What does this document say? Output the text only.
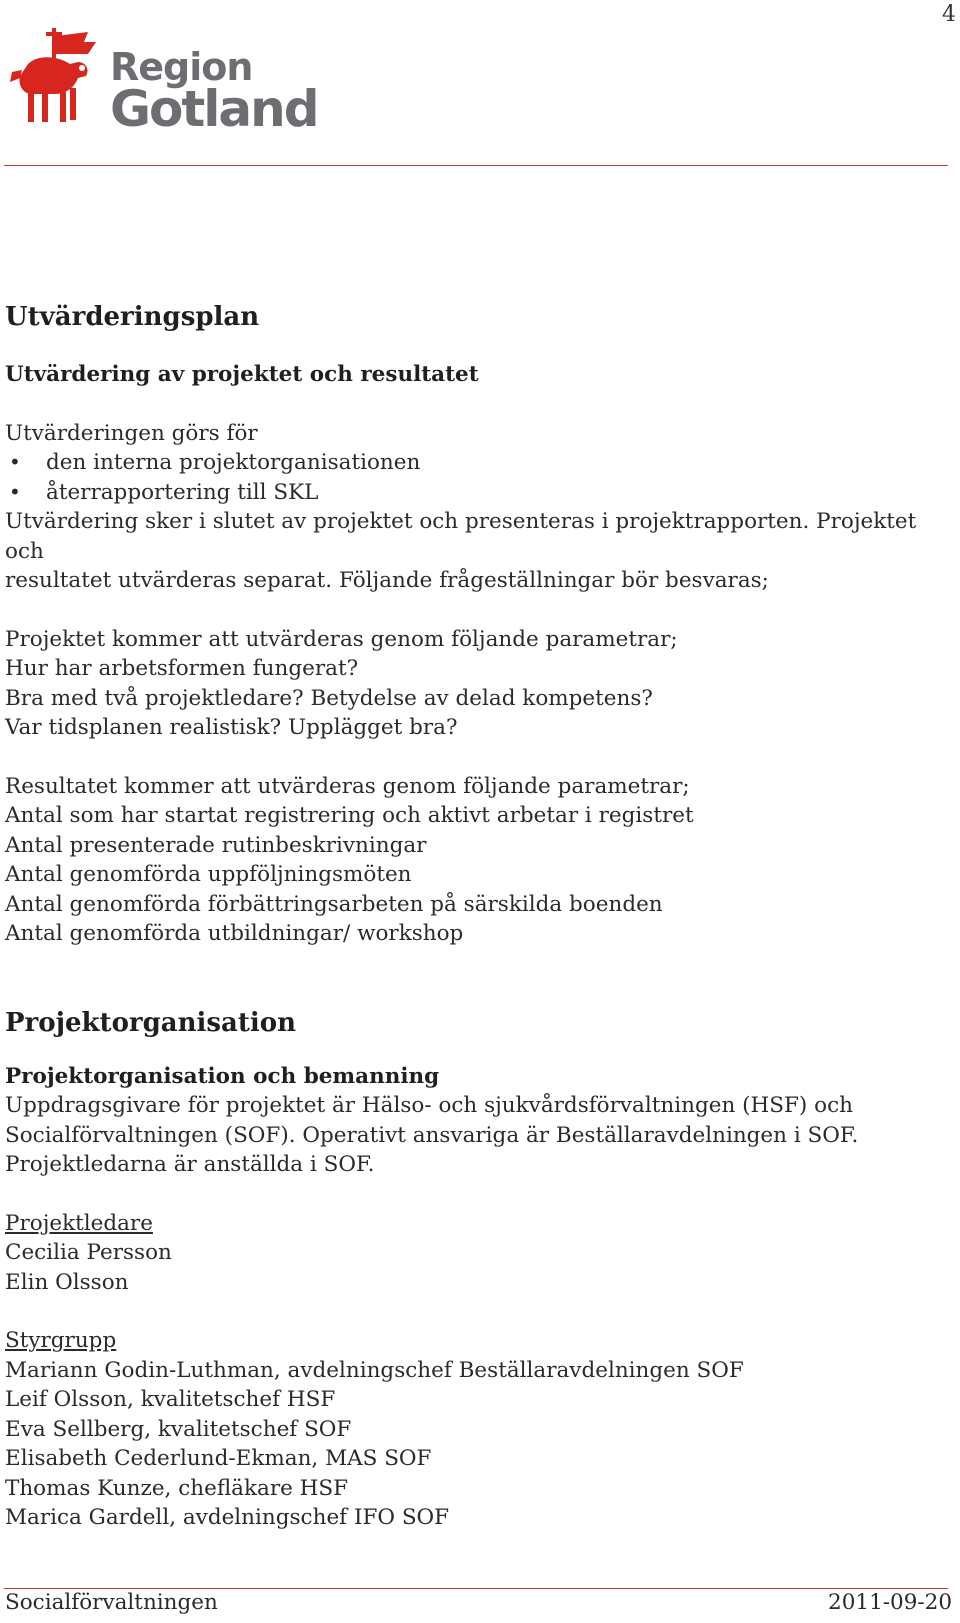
4
Region
Gotland
Utvärderingsplan
Utvärdering av projektet och resultatet

Utvärderingen görs för

• den interna projektorganisationen
• återrapportering till SKL

Utvärdering sker i slutet av projektet och presenteras i projektrapporten. Projektet och

resultatet utvärderas separat. Följande frågeställningar bör besvaras;

Projektet kommer att utvärderas genom följande parametrar;

Hur har arbetsformen fungerat?

Bra med två projektledare? Betydelse av delad kompetens?

Var tidsplanen realistisk? Upplägget bra?

Resultatet kommer att utvärderas genom följande parametrar;

Antal som har startat registrering och aktivt arbetar i registret

Antal presenterade rutinbeskrivningar

Antal genomförda uppföljningsmöten

Antal genomförda förbättringsarbeten på särskilda boenden

Antal genomförda utbildningar/ workshop

Projektorganisation
Projektorganisation och bemanning

Uppdragsgivare för projektet är Hälso- och sjukvårdsförvaltningen (HSF) och

Socialförvaltningen (SOF). Operativt ansvariga är Beställaravdelningen i SOF.

Projektledarna är anställda i SOF.

Projektledare

Cecilia Persson

Elin Olsson

Styrgrupp

Mariann Godin-Luthman, avdelningschef Beställaravdelningen SOF

Leif Olsson, kvalitetschef HSF

Eva Sellberg, kvalitetschef SOF

Elisabeth Cederlund-Ekman, MAS SOF

Thomas Kunze, chefläkare HSF

Marica Gardell, avdelningschef IFO SOF

Socialförvaltningen	2011-09-20
